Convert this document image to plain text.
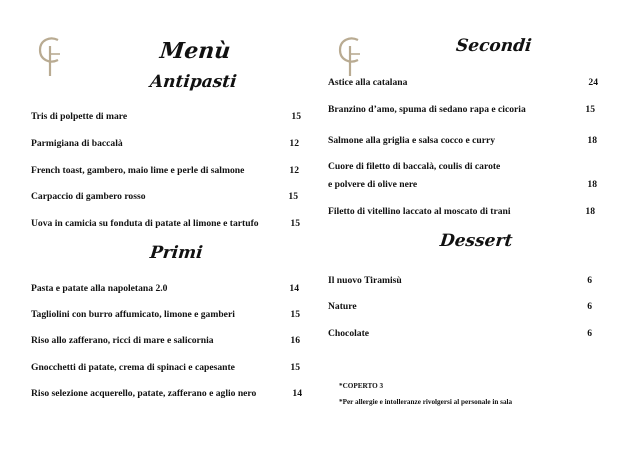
Menù
Antipasti
Primi
Secondi
Dessert
Tris di polpette di mare	15
Parmigiana di baccalà	12
French toast, gambero, maio lime e perle di salmone	12
Carpaccio di gambero rosso	15
Uova in camicia su fonduta di patate al limone e tartufo	15
Pasta e patate alla napoletana 2.0	14
Tagliolini con burro affumicato, limone e gamberi	15
Riso allo zafferano, ricci di mare e salicornia	16
Gnocchetti di patate, crema di spinaci e capesante	15
Riso selezione acquerello, patate, zafferano e aglio nero	14
Astice alla catalana	24
Branzino d’amo, spuma di sedano rapa e cicoria	15
Salmone alla griglia e salsa cocco e curry	18
Cuore di filetto di baccalà, coulis di carote
e polvere di olive nere	18
Filetto di vitellino laccato al moscato di trani	18
Il nuovo Tiramisù	6
Nature	6
Chocolate	6
*COPERTO 3
*Per allergie e intolleranze rivolgersi al personale in sala
